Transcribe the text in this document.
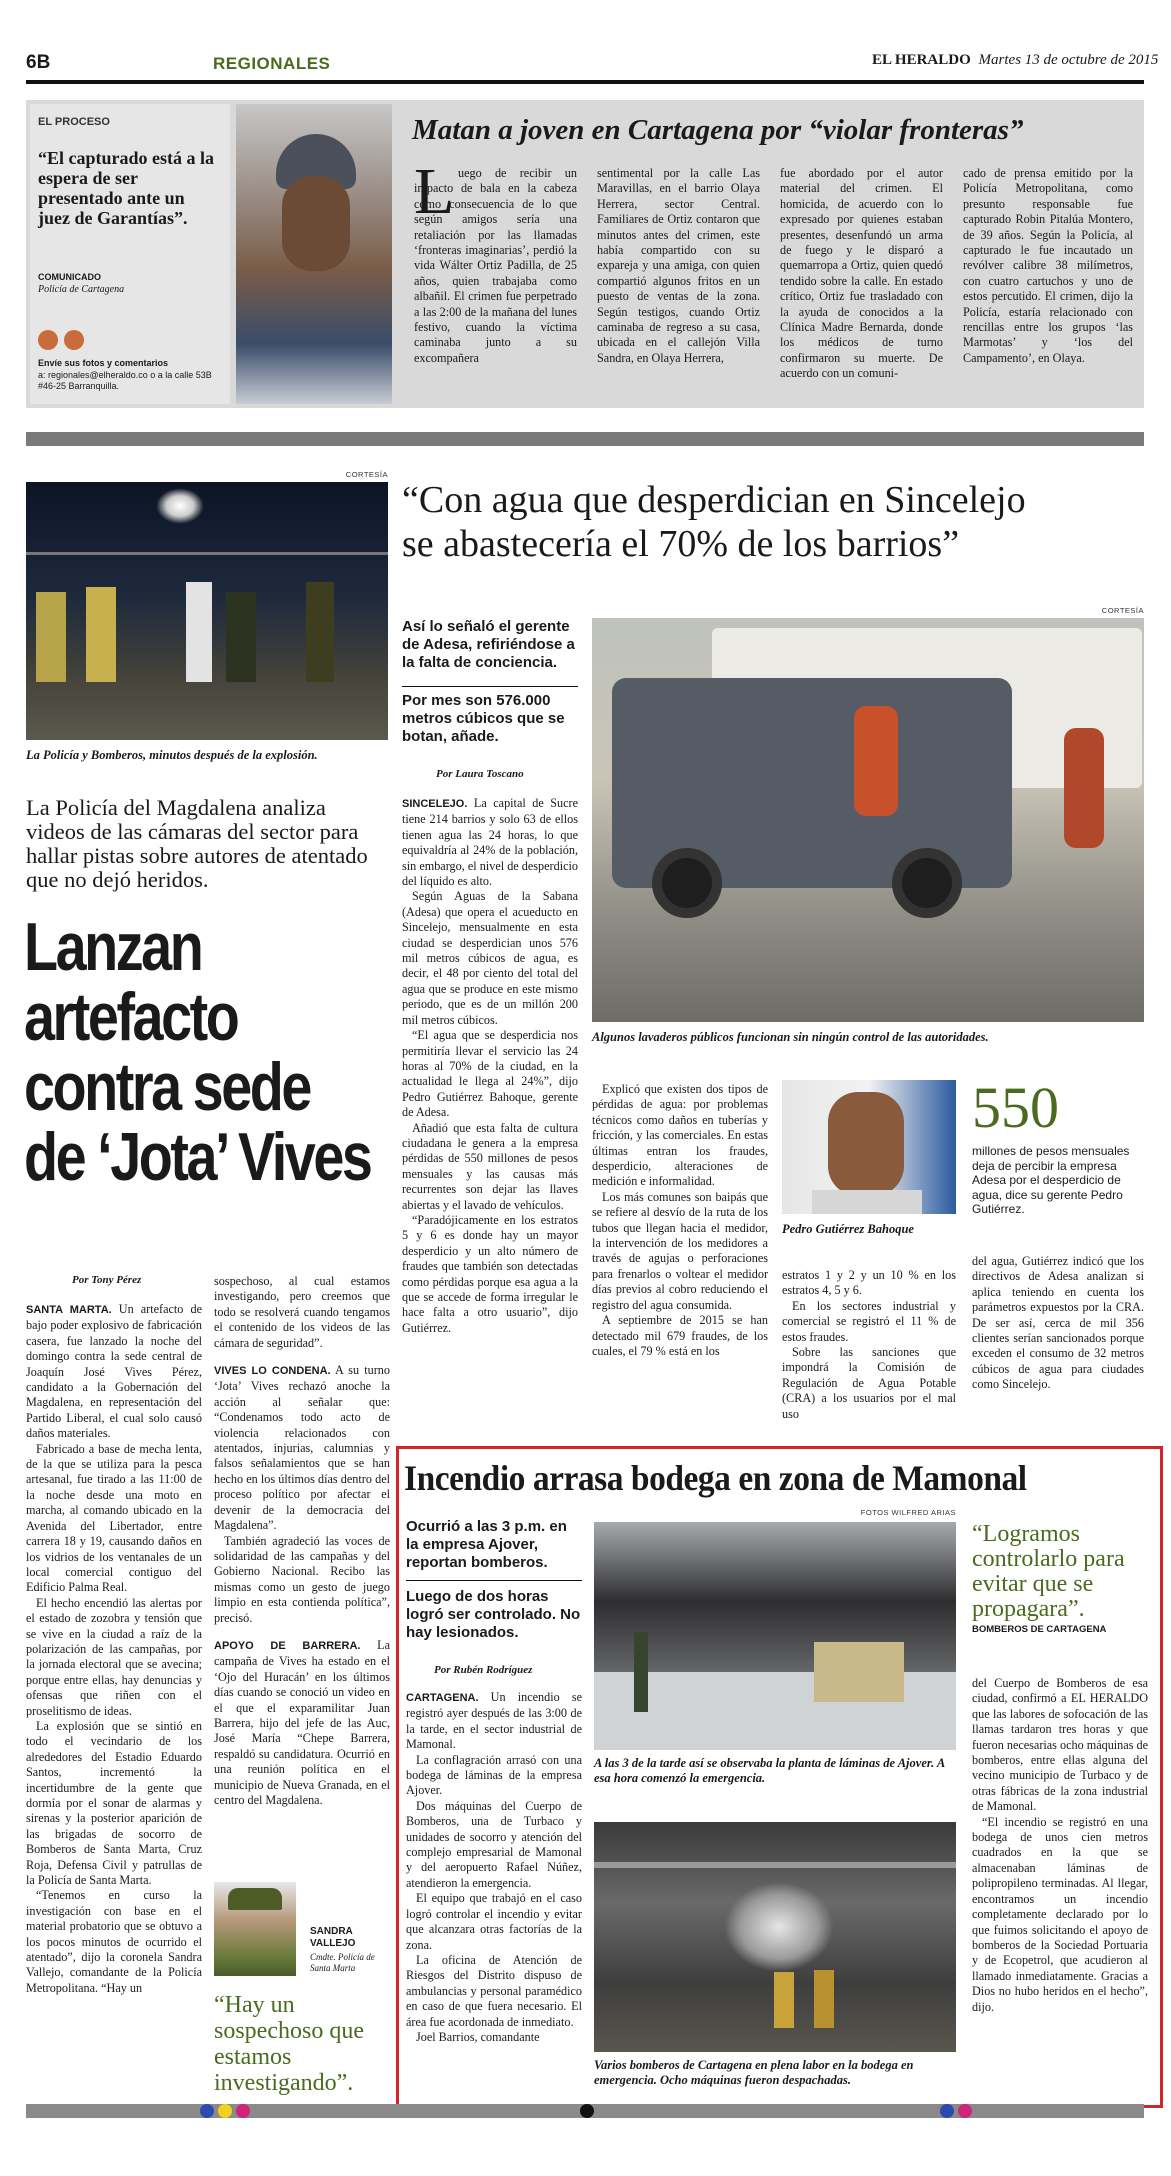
6B	REGIONALES	EL HERALDO Martes 13 de octubre de 2015
EL PROCESO
“El capturado está a la espera de ser presentado ante un juez de Garantías”.
COMUNICADO
Policía de Cartagena
Envíe sus fotos y comentarios
a: regionales@elheraldo.co o a la calle 53B #46-25 Barranquilla.
Matan a joven en Cartagena por “violar fronteras”
L uego de recibir un impacto de bala en la cabeza como consecuencia de lo que según amigos sería una retaliación por las llamadas ‘fronteras imaginarias’, perdió la vida Wálter Ortiz Padilla, de 25 años, quien trabajaba como albañil. El crimen fue perpetrado a las 2:00 de la mañana del lunes festivo, cuando la víctima caminaba junto a su excompañera
sentimental por la calle Las Maravillas, en el barrio Olaya Herrera, sector Central. Familiares de Ortiz contaron que minutos antes del crimen, este había compartido con su expareja y una amiga, con quien compartió algunos fritos en un puesto de ventas de la zona. Según testigos, cuando Ortiz caminaba de regreso a su casa, ubicada en el callejón Villa Sandra, en Olaya Herrera,
fue abordado por el autor material del crimen. El homicida, de acuerdo con lo expresado por quienes estaban presentes, desenfundó un arma de fuego y le disparó a quemarropa a Ortiz, quien quedó tendido sobre la calle. En estado crítico, Ortiz fue trasladado con la ayuda de conocidos a la Clínica Madre Bernarda, donde los médicos de turno confirmaron su muerte. De acuerdo con un comuni-
cado de prensa emitido por la Policía Metropolitana, como presunto responsable fue capturado Robin Pitalúa Montero, de 39 años. Según la Policía, al capturado le fue incautado un revólver calibre 38 milímetros, con cuatro cartuchos y uno de estos percutido. El crimen, dijo la Policía, estaría relacionado con rencillas entre los grupos ‘las Marmotas’ y ‘los del Campamento’, en Olaya.
CORTESÍA
La Policía y Bomberos, minutos después de la explosión.
La Policía del Magdalena analiza videos de las cámaras del sector para hallar pistas sobre autores de atentado que no dejó heridos.
Lanzan
artefacto
contra sede
de ‘Jota’ Vives
Por Tony Pérez

SANTA MARTA. Un artefacto de bajo poder explosivo de fabricación casera, fue lanzado la noche del domingo contra la sede central de Joaquín José Vives Pérez, candidato a la Gobernación del Magdalena, en representación del Partido Liberal, el cual solo causó daños materiales.

Fabricado a base de mecha lenta, de la que se utiliza para la pesca artesanal, fue tirado a las 11:00 de la noche desde una moto en marcha, al comando ubicado en la Avenida del Libertador, entre carrera 18 y 19, causando daños en los vidrios de los ventanales de un local comercial contiguo del Edificio Palma Real.

El hecho encendió las alertas por el estado de zozobra y tensión que se vive en la ciudad a raíz de la polarización de las campañas, por la jornada electoral que se avecina; porque entre ellas, hay denuncias y ofensas que riñen con el proselitismo de ideas.

La explosión que se sintió en todo el vecindario de los alrededores del Estadio Eduardo Santos, incrementó la incertidumbre de la gente que dormía por el sonar de alarmas y sirenas y la posterior aparición de las brigadas de socorro de Bomberos de Santa Marta, Cruz Roja, Defensa Civil y patrullas de la Policía de Santa Marta.

“Tenemos en curso la investigación con base en el material probatorio que se obtuvo a los pocos minutos de ocurrido el atentado”, dijo la coronela Sandra Vallejo, comandante de la Policía Metropolitana. “Hay un

sospechoso, al cual estamos investigando, pero creemos que todo se resolverá cuando tengamos el contenido de los videos de las cámara de seguridad”.

VIVES LO CONDENA. A su turno ‘Jota’ Vives rechazó anoche la acción al señalar que: “Condenamos todo acto de violencia relacionados con atentados, injurias, calumnias y falsos señalamientos que se han hecho en los últimos días dentro del proceso político por afectar el devenir de la democracia del Magdalena”.

También agradeció las voces de solidaridad de las campañas y del Gobierno Nacional. Recibo las mismas como un gesto de juego limpio en esta contienda política”, precisó.

APOYO DE BARRERA. La campaña de Vives ha estado en el ‘Ojo del Huracán’ en los últimos días cuando se conoció un video en el que el exparamilitar Juan Barrera, hijo del jefe de las Auc, José María “Chepe Barrera, respaldó su candidatura. Ocurrió en una reunión política en el municipio de Nueva Granada, en el centro del Magdalena.

SANDRA
VALLEJO
Cmdte. Policía de Santa Marta
“Hay un sospechoso que estamos investigando”.
“Con agua que desperdician en Sincelejo
se abastecería el 70% de los barrios”
Así lo señaló el gerente de Adesa, refiriéndose a la falta de conciencia.
Por mes son 576.000 metros cúbicos que se botan, añade.
Por Laura Toscano
CORTESÍA
Algunos lavaderos públicos funcionan sin ningún control de las autoridades.

SINCELEJO. La capital de Sucre tiene 214 barrios y solo 63 de ellos tienen agua las 24 horas, lo que equivaldría al 24% de la población, sin embargo, el nivel de desperdicio del líquido es alto.

Según Aguas de la Sabana (Adesa) que opera el acueducto en Sincelejo, mensualmente en esta ciudad se desperdician unos 576 mil metros cúbicos de agua, es decir, el 48 por ciento del total del agua que se produce en este mismo periodo, que es de un millón 200 mil metros cúbicos.

“El agua que se desperdicia nos permitiría llevar el servicio las 24 horas al 70% de la ciudad, en la actualidad le llega al 24%”, dijo Pedro Gutiérrez Bahoque, gerente de Adesa.

Añadió que esta falta de cultura ciudadana le genera a la empresa pérdidas de 550 millones de pesos mensuales y las causas más recurrentes son dejar las llaves abiertas y el lavado de vehículos.

“Paradójicamente en los estratos 5 y 6 es donde hay un mayor desperdicio y un alto número de fraudes que también son detectadas como pérdidas porque esa agua a la que se accede de forma irregular le hace falta a otro usuario”, dijo Gutiérrez.

Explicó que existen dos tipos de pérdidas de agua: por problemas técnicos como daños en tuberías y fricción, y las comerciales. En estas últimas entran los fraudes, desperdicio, alteraciones de medición e informalidad.

Los más comunes son baipás que se refiere al desvío de la ruta de los tubos que llegan hacia el medidor, la intervención de los medidores a través de agujas o perforaciones para frenarlos o voltear el medidor días previos al cobro reduciendo el registro del agua consumida.

A septiembre de 2015 se han detectado mil 679 fraudes, de los cuales, el 79 % está en los

Pedro Gutiérrez Bahoque
550
millones de pesos mensuales deja de percibir la empresa Adesa por el desperdicio de agua, dice su gerente Pedro Gutiérrez.

estratos 1 y 2 y un 10 % en los estratos 4, 5 y 6.

En los sectores industrial y comercial se registró el 11 % de estos fraudes.

Sobre las sanciones que impondrá la Comisión de Regulación de Agua Potable (CRA) a los usuarios por el mal uso

del agua, Gutiérrez indicó que los directivos de Adesa analizan si aplica teniendo en cuenta los parámetros expuestos por la CRA. De ser así, cerca de mil 356 clientes serían sancionados porque exceden el consumo de 32 metros cúbicos de agua para ciudades como Sincelejo.

Incendio arrasa bodega en zona de Mamonal
FOTOS WILFRED ARIAS
Ocurrió a las 3 p.m. en la empresa Ajover, reportan bomberos.
Luego de dos horas logró ser controlado. No hay lesionados.
Por Rubén Rodríguez

CARTAGENA. Un incendio se registró ayer después de las 3:00 de la tarde, en el sector industrial de Mamonal.

La conflagración arrasó con una bodega de láminas de la empresa Ajover.

Dos máquinas del Cuerpo de Bomberos, una de Turbaco y unidades de socorro y atención del complejo empresarial de Mamonal y del aeropuerto Rafael Núñez, atendieron la emergencia.

El equipo que trabajó en el caso logró controlar el incendio y evitar que alcanzara otras factorías de la zona.

La oficina de Atención de Riesgos del Distrito dispuso de ambulancias y personal paramédico en caso de que fuera necesario. El área fue acordonada de inmediato.

Joel Barrios, comandante

A las 3 de la tarde así se observaba la planta de láminas de Ajover. A esa hora comenzó la emergencia.
Varios bomberos de Cartagena en plena labor en la bodega en emergencia. Ocho máquinas fueron despachadas.
“Logramos controlarlo para evitar que se propagara”.
BOMBEROS DE CARTAGENA

del Cuerpo de Bomberos de esa ciudad, confirmó a EL HERALDO que las labores de sofocación de las llamas tardaron tres horas y que fueron necesarias ocho máquinas de bomberos, entre ellas alguna del vecino municipio de Turbaco y de otras fábricas de la zona industrial de Mamonal.

“El incendio se registró en una bodega de unos cien metros cuadrados en la que se almacenaban láminas de polipropileno terminadas. Al llegar, encontramos un incendio completamente declarado por lo que fuimos solicitando el apoyo de bomberos de la Sociedad Portuaria y de Ecopetrol, que acudieron al llamado inmediatamente. Gracias a Dios no hubo heridos en el hecho”, dijo.
